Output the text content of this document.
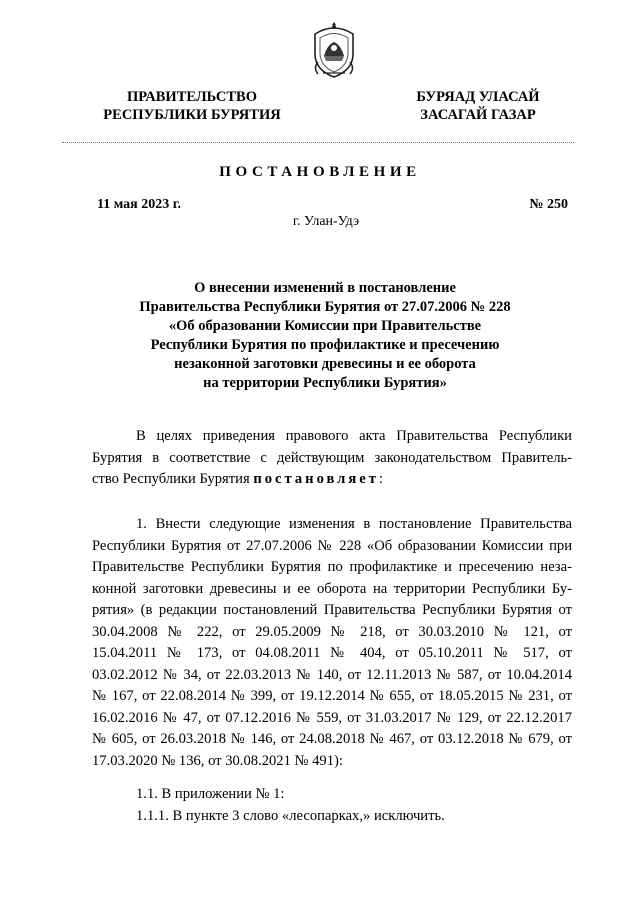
ПРАВИТЕЛЬСТВО
РЕСПУБЛИКИ БУРЯТИЯ
БУРЯАД УЛАСАЙ
ЗАСАГАЙ ГАЗАР
ПОСТАНОВЛЕНИЕ
11 мая 2023 г.	№ 250
г. Улан-Удэ
О внесении изменений в постановление
Правительства Республики Бурятия от 27.07.2006 № 228
«Об образовании Комиссии при Правительстве
Республики Бурятия по профилактике и пресечению
незаконной заготовки древесины и ее оборота
на территории Республики Бурятия»
В целях приведения правового акта Правительства Республики
Бурятия в соответствие с действующим законодательством Правитель-
ство Республики Бурятия постановляет:
1. Внести следующие изменения в постановление Правительства
Республики Бурятия от 27.07.2006 № 228 «Об образовании Комиссии при
Правительстве Республики Бурятия по профилактике и пресечению неза-
конной заготовки древесины и ее оборота на территории Республики Бу-
рятия» (в редакции постановлений Правительства Республики Бурятия от
30.04.2008 № 222, от 29.05.2009 № 218, от 30.03.2010 № 121, от
15.04.2011 № 173, от 04.08.2011 № 404, от 05.10.2011 № 517, от
03.02.2012 № 34, от 22.03.2013 № 140, от 12.11.2013 № 587, от 10.04.2014
№ 167, от 22.08.2014 № 399, от 19.12.2014 № 655, от 18.05.2015 № 231, от
16.02.2016 № 47, от 07.12.2016 № 559, от 31.03.2017 № 129, от 22.12.2017
№ 605, от 26.03.2018 № 146, от 24.08.2018 № 467, от 03.12.2018 № 679, от
17.03.2020 № 136, от 30.08.2021 № 491):
1.1. В приложении № 1:
1.1.1. В пункте 3 слово «лесопарках,» исключить.
